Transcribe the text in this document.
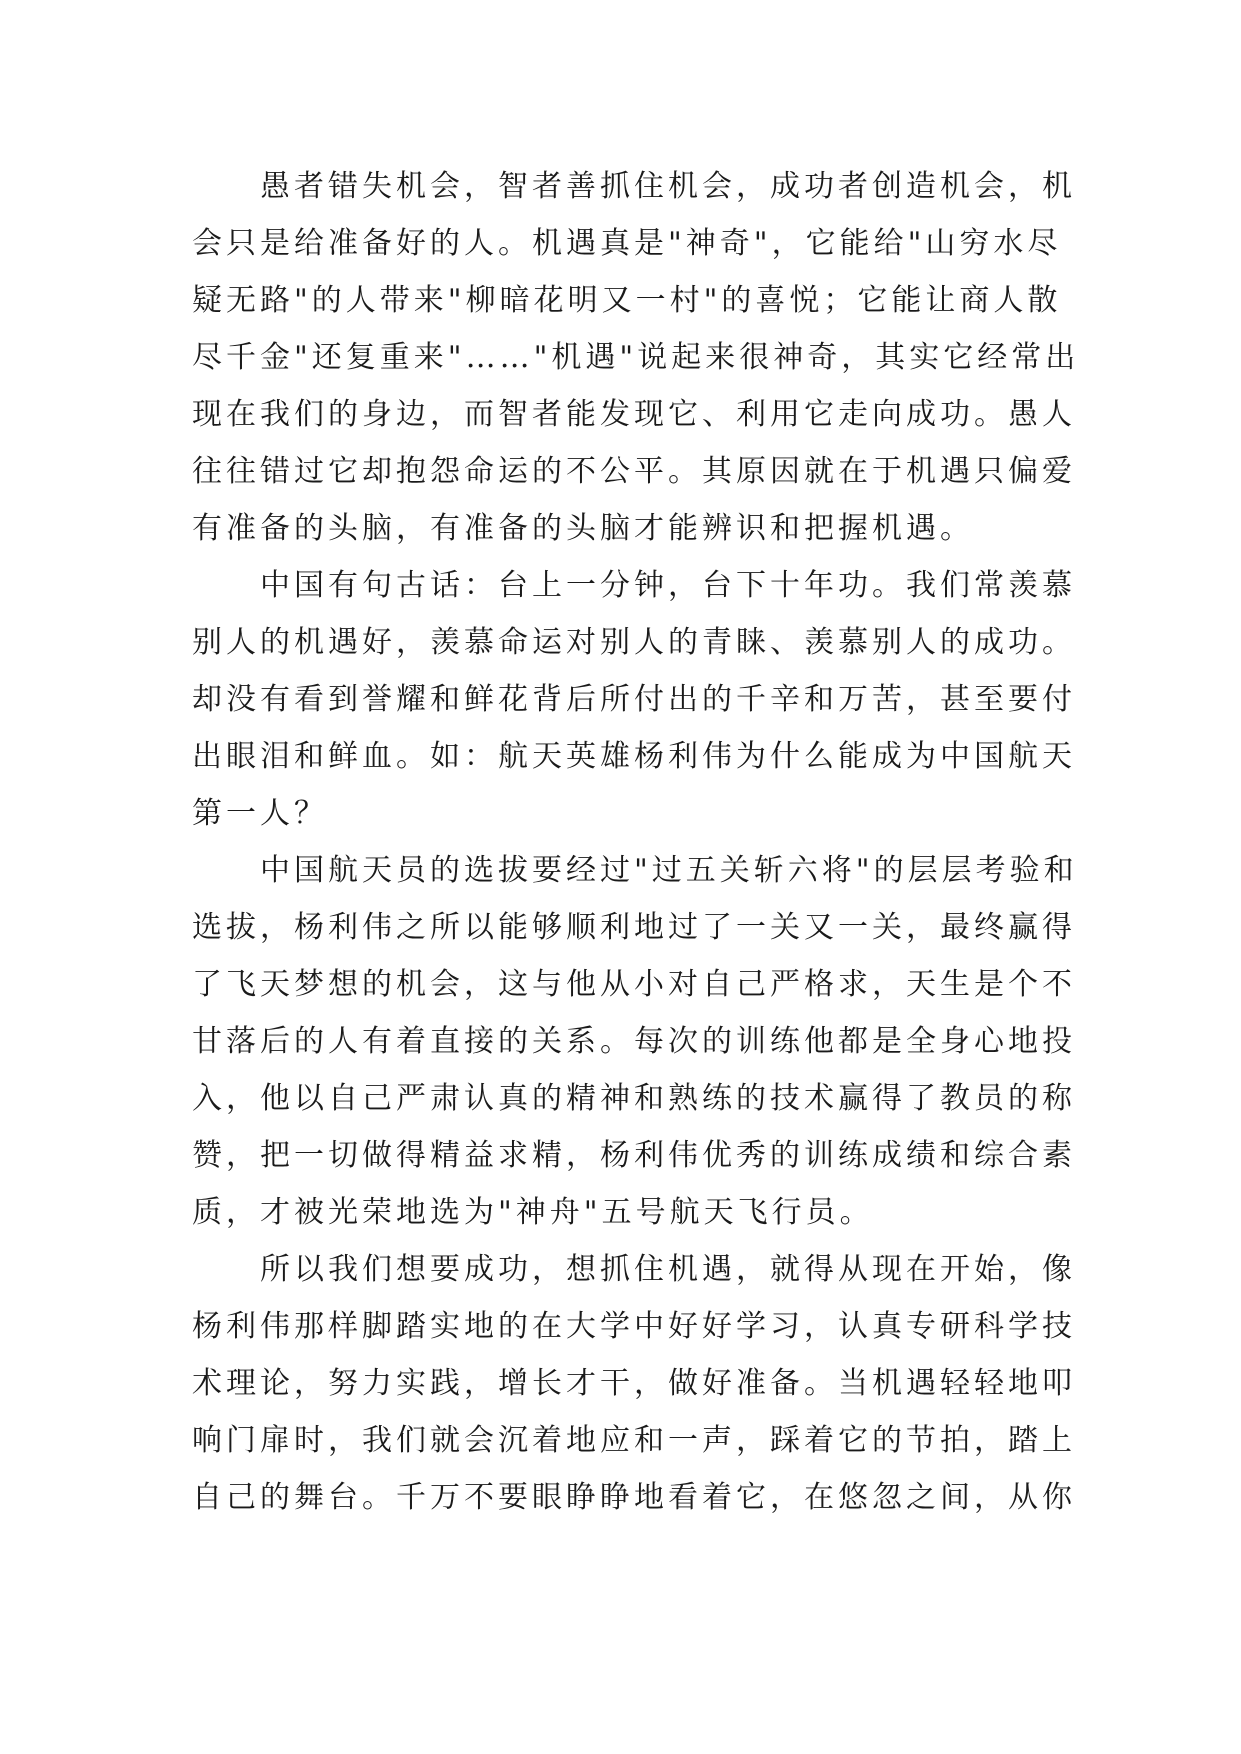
愚者错失机会，智者善抓住机会，成功者创造机会，机
会只是给准备好的人。机遇真是"神奇"，它能给"山穷水尽
疑无路"的人带来"柳暗花明又一村"的喜悦；它能让商人散
尽千金"还复重来"……"机遇"说起来很神奇，其实它经常出
现在我们的身边，而智者能发现它、利用它走向成功。愚人
往往错过它却抱怨命运的不公平。其原因就在于机遇只偏爱
有准备的头脑，有准备的头脑才能辨识和把握机遇。
中国有句古话：台上一分钟，台下十年功。我们常羡慕
别人的机遇好，羡慕命运对别人的青睐、羡慕别人的成功。
却没有看到誉耀和鲜花背后所付出的千辛和万苦，甚至要付
出眼泪和鲜血。如：航天英雄杨利伟为什么能成为中国航天
第一人？
中国航天员的选拔要经过"过五关斩六将"的层层考验和
选拔，杨利伟之所以能够顺利地过了一关又一关，最终赢得
了飞天梦想的机会，这与他从小对自己严格求，天生是个不
甘落后的人有着直接的关系。每次的训练他都是全身心地投
入，他以自己严肃认真的精神和熟练的技术赢得了教员的称
赞，把一切做得精益求精，杨利伟优秀的训练成绩和综合素
质，才被光荣地选为"神舟"五号航天飞行员。
所以我们想要成功，想抓住机遇，就得从现在开始，像
杨利伟那样脚踏实地的在大学中好好学习，认真专研科学技
术理论，努力实践，增长才干，做好准备。当机遇轻轻地叩
响门扉时，我们就会沉着地应和一声，踩着它的节拍，踏上
自己的舞台。千万不要眼睁睁地看着它，在悠忽之间，从你
